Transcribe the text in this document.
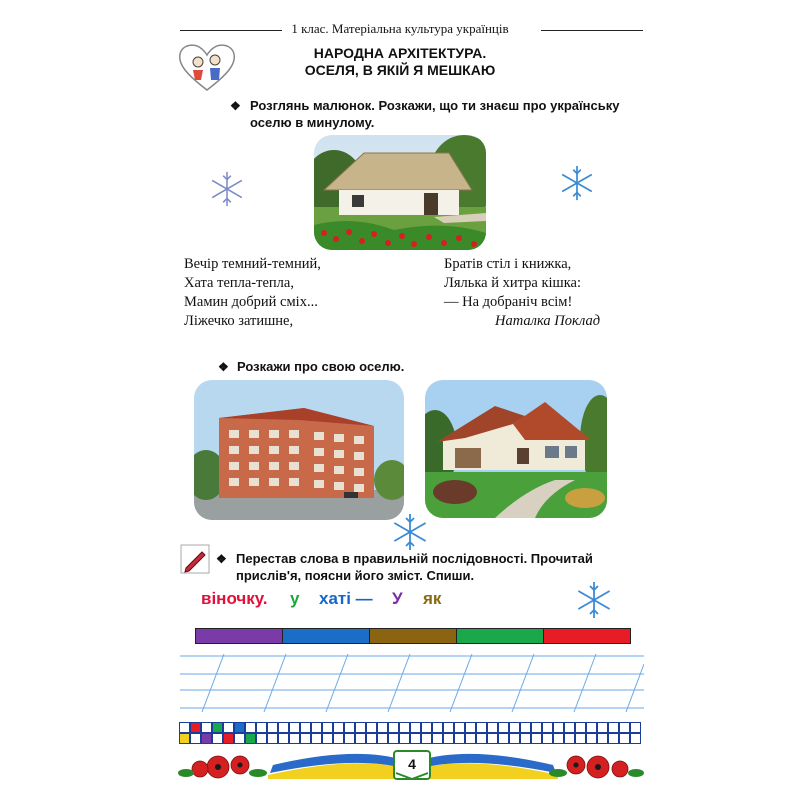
1 клас. Матеріальна культура українців
НАРОДНА АРХІТЕКТУРА.
ОСЕЛЯ, В ЯКІЙ Я МЕШКАЮ
❖ Розглянь малюнок. Розкажи, що ти знаєш про українську
оселю в минулому.
Вечір темний-темний,
Хата тепла-тепла,
Мамин добрий сміх...
Ліжечко затишне,
Братів стіл і книжка,
Лялька й хитра кішка:
— На добраніч всім!
Наталка Поклад
❖ Розкажи про свою оселю.
❖ Перестав слова в правильній послідовності. Прочитай
прислів'я, поясни його зміст. Спиши.
віночку. у хаті — У як
4
